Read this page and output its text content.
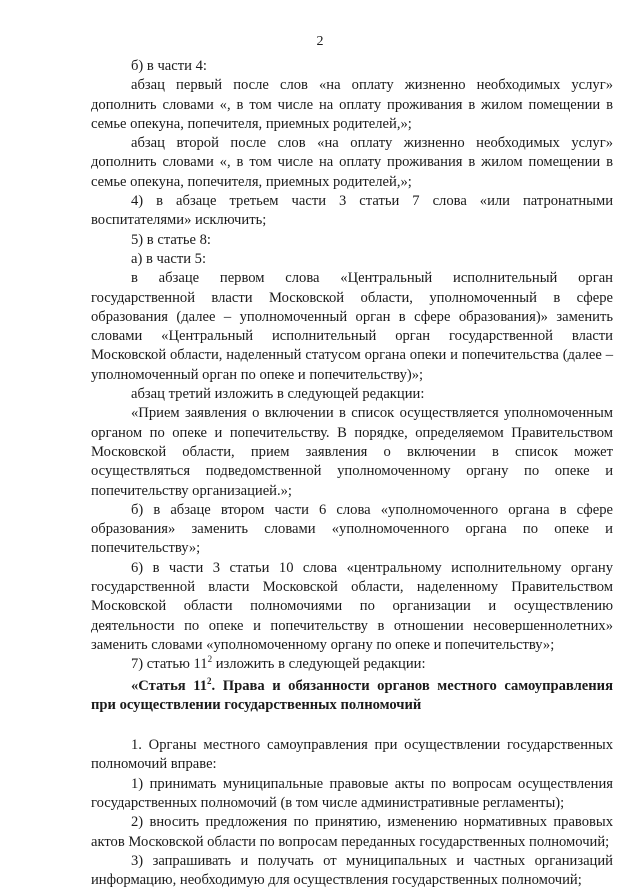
2

б) в части 4:

абзац первый после слов «на оплату жизненно необходимых услуг» дополнить словами «, в том числе на оплату проживания в жилом помещении в семье опекуна, попечителя, приемных родителей,»;

абзац второй после слов «на оплату жизненно необходимых услуг» дополнить словами «, в том числе на оплату проживания в жилом помещении в семье опекуна, попечителя, приемных родителей,»;

4) в абзаце третьем части 3 статьи 7 слова «или патронатными воспитателями» исключить;

5) в статье 8:

а) в части 5:

в абзаце первом слова «Центральный исполнительный орган государственной власти Московской области, уполномоченный в сфере образования (далее – уполномоченный орган в сфере образования)» заменить словами «Центральный исполнительный орган государственной власти Московской области, наделенный статусом органа опеки и попечительства (далее – уполномоченный орган по опеке и попечительству)»;

абзац третий изложить в следующей редакции:

«Прием заявления о включении в список осуществляется уполномоченным органом по опеке и попечительству. В порядке, определяемом Правительством Московской области, прием заявления о включении в список может осуществляться подведомственной уполномоченному органу по опеке и попечительству организацией.»;

б) в абзаце втором части 6 слова «уполномоченного органа в сфере образования» заменить словами «уполномоченного органа по опеке и попечительству»;

6) в части 3 статьи 10 слова «центральному исполнительному органу государственной власти Московской области, наделенному Правительством Московской области полномочиями по организации и осуществлению деятельности по опеке и попечительству в отношении несовершеннолетних» заменить словами «уполномоченному органу по опеке и попечительству»;

7) статью $11^2$ изложить в следующей редакции:

«Статья $11^2$. Права и обязанности органов местного самоуправления при осуществлении государственных полномочий

1. Органы местного самоуправления при осуществлении государственных полномочий вправе:

1) принимать муниципальные правовые акты по вопросам осуществления государственных полномочий (в том числе административные регламенты);

2) вносить предложения по принятию, изменению нормативных правовых актов Московской области по вопросам переданных государственных полномочий;

3) запрашивать и получать от муниципальных и частных организаций информацию, необходимую для осуществления государственных полномочий;
